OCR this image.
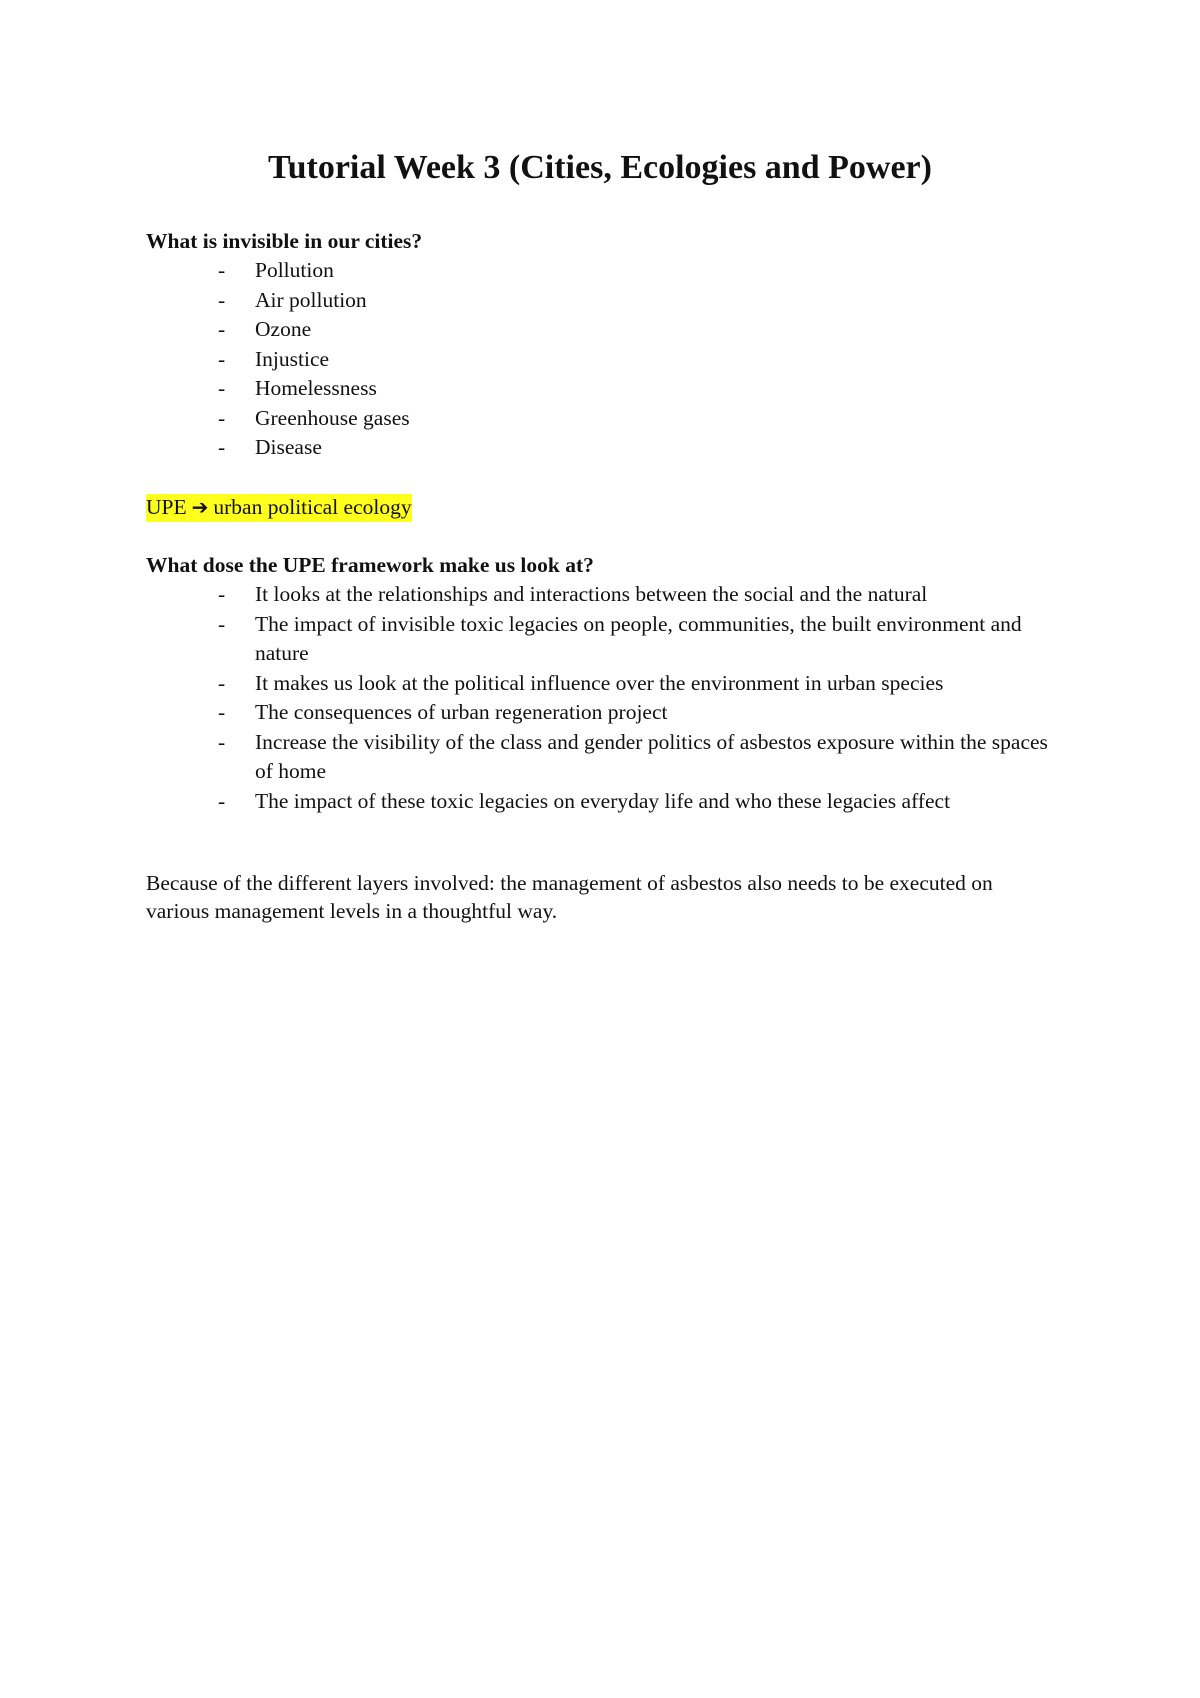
Tutorial Week 3 (Cities, Ecologies and Power)

What is invisible in our cities?

- Pollution
- Air pollution
- Ozone
- Injustice
- Homelessness
- Greenhouse gases
- Disease

UPE ➔ urban political ecology

What dose the UPE framework make us look at?

- It looks at the relationships and interactions between the social and the natural
- The impact of invisible toxic legacies on people, communities, the built environment and nature
- It makes us look at the political influence over the environment in urban species
- The consequences of urban regeneration project
- Increase the visibility of the class and gender politics of asbestos exposure within the spaces of home
- The impact of these toxic legacies on everyday life and who these legacies affect

Because of the different layers involved: the management of asbestos also needs to be executed on various management levels in a thoughtful way.
